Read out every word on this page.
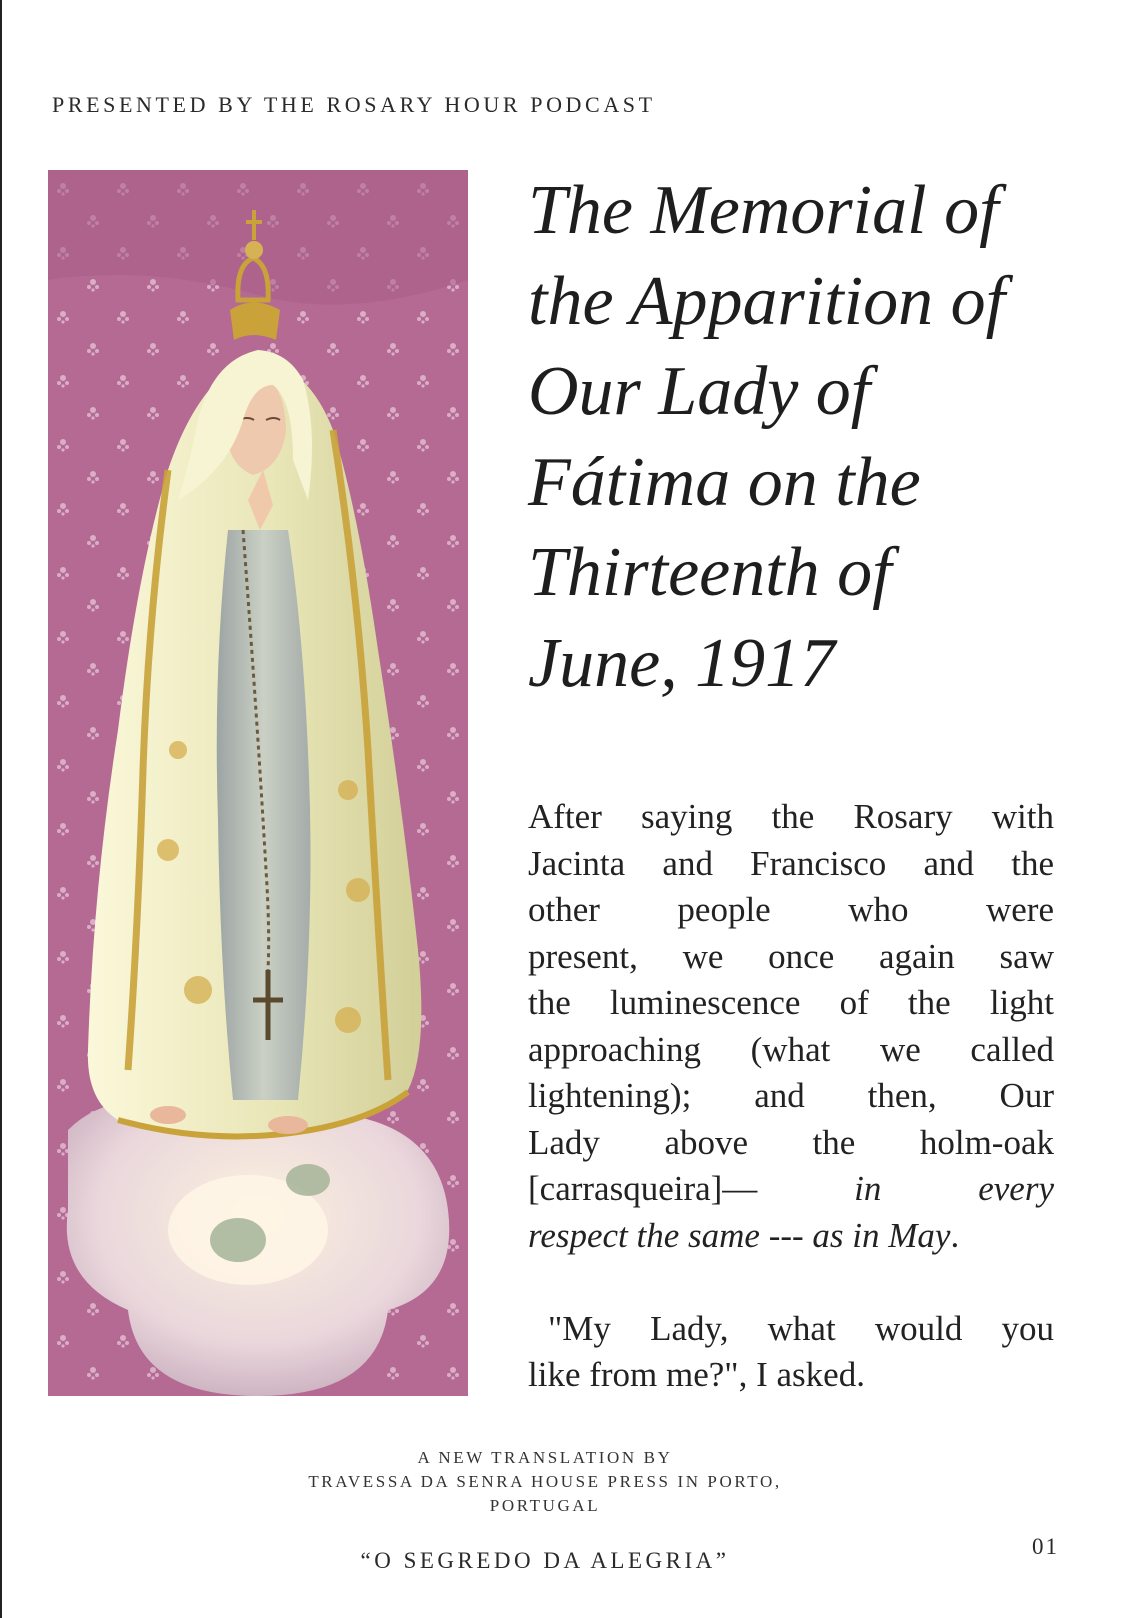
PRESENTED BY THE ROSARY HOUR PODCAST
The Memorial of
the Apparition of
Our Lady of
Fátima on the
Thirteenth of
June, 1917
After saying the Rosary with
Jacinta and Francisco and the
other people who were
present, we once again saw
the luminescence of the light
approaching (what we called
lightening); and then, Our
Lady above the holm-oak
[carrasqueira]—	in every
respect the same --- as in May.
"My Lady, what would you
like from me?", I asked.
A NEW TRANSLATION BY
TRAVESSA DA SENRA HOUSE PRESS IN PORTO,
PORTUGAL
“O SEGREDO DA ALEGRIA”
01
